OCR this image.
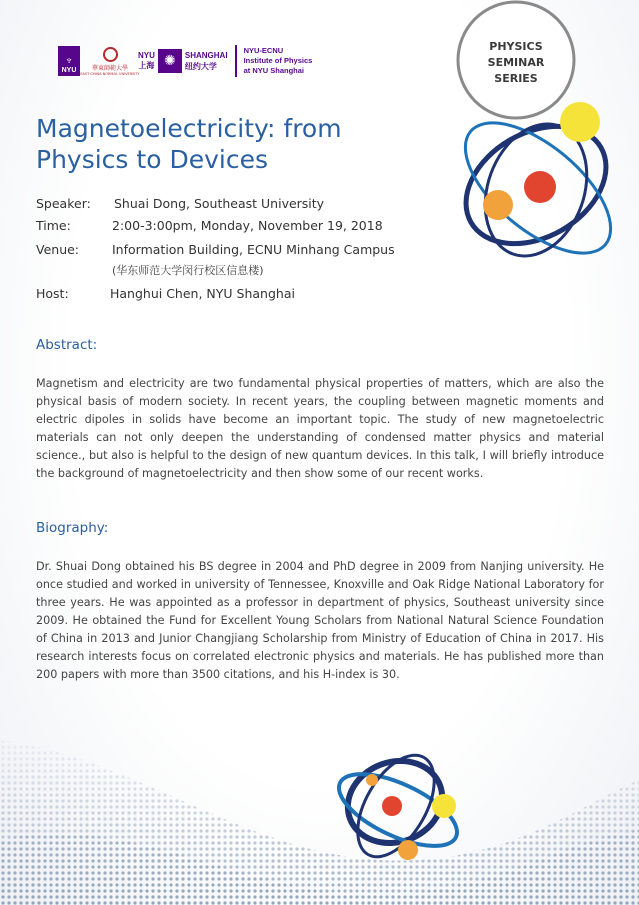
♆
NYU	華東師範大學
EAST CHINA NORMAL UNIVERSITY
NYU
上海 ✺	SHANGHAI
纽约大学
NYU-ECNU
Institute of Physics
at NYU Shanghai
PHYSICS
SEMINAR
SERIES
Magnetoelectricity: from
Physics to Devices
Speaker: Shuai Dong, Southeast University
Time:	2:00-3:00pm, Monday, November 19, 2018
Venue:	Information Building, ECNU Minhang Campus
(华东师范大学闵行校区信息楼)
Host:	Hanghui Chen, NYU Shanghai
Abstract:

Magnetism and electricity are two fundamental physical properties of matters, which are also the physical basis of modern society. In recent years, the coupling between magnetic moments and electric dipoles in solids have become an important topic. The study of new magnetoelectric materials can not only deepen the understanding of condensed matter physics and material science., but also is helpful to the design of new quantum devices. In this talk, I will briefly introduce the background of magnetoelectricity and then show some of our recent works.

Biography:

Dr. Shuai Dong obtained his BS degree in 2004 and PhD degree in 2009 from Nanjing university. He once studied and worked in university of Tennessee, Knoxville and Oak Ridge National Laboratory for three years. He was appointed as a professor in department of physics, Southeast university since 2009. He obtained the Fund for Excellent Young Scholars from National Natural Science Foundation of China in 2013 and Junior Changjiang Scholarship from Ministry of Education of China in 2017. His research interests focus on correlated electronic physics and materials. He has published more than 200 papers with more than 3500 citations, and his H-index is 30.
